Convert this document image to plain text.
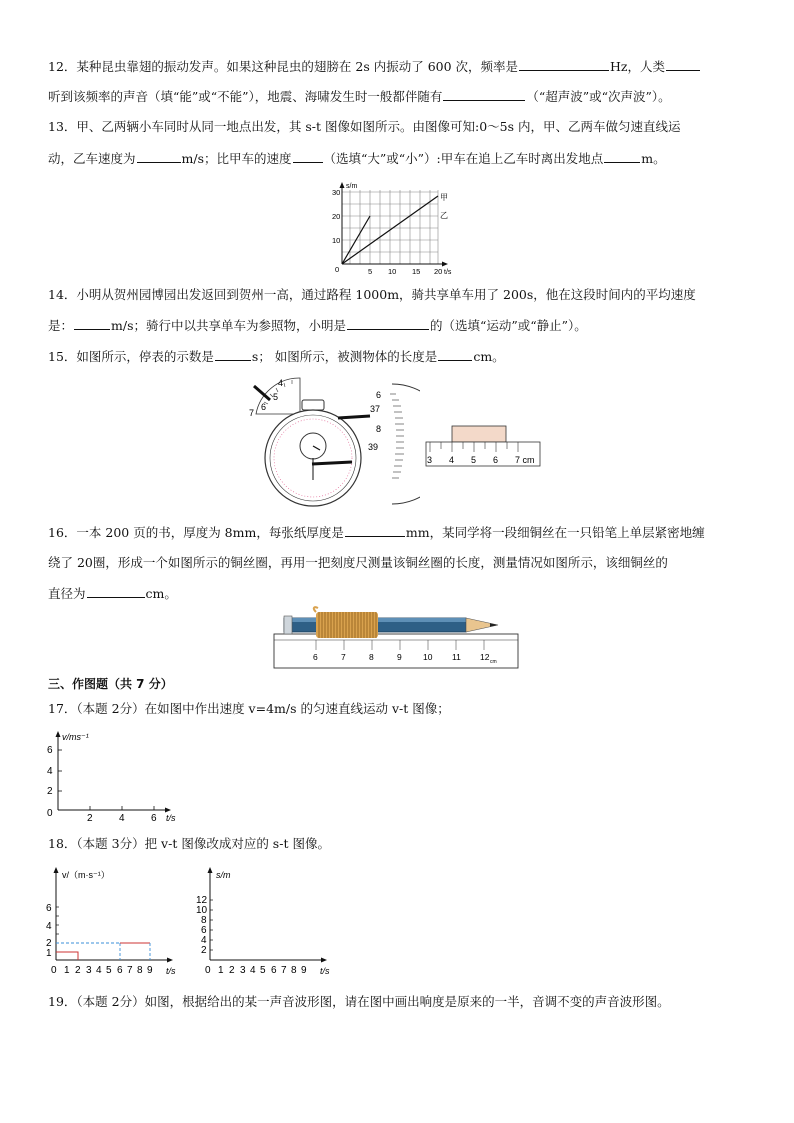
12．某种昆虫靠翅的振动发声。如果这种昆虫的翅膀在 2s 内振动了 600 次，频率是	Hz，人类
听到该频率的声音（填“能”或“不能”），地震、海啸发生时一般都伴随有	（“超声波”或“次声波”）。
13．甲、乙两辆小车同时从同一地点出发，其 s-t 图像如图所示。由图像可知:0～5s 内，甲、乙两车做匀速直线运
动，乙车速度为	m/s；比甲车的速度	（选填“大”或“小”）:甲车在追上乙车时离出发地点	m。
s/m
30
20
10
0	5 10 15 20 t/s
甲
乙
14．小明从贺州园博园出发返回到贺州一高，通过路程 1000m，骑共享单车用了 200s，他在这段时间内的平均速度
是：	m/s；骑行中以共享单车为参照物，小明是	的（选填“运动”或“静止”）。
15．如图所示，停表的示数是	s； 如图所示，被测物体的长度是	cm。
4
5
6
7
6
37
8
39
3 4 5 6 7 cm
16．一本 200 页的书，厚度为 8mm，每张纸厚度是	mm，某同学将一段细铜丝在一只铅笔上单层紧密地缠
绕了 20圈，形成一个如图所示的铜丝圈，再用一把刻度尺测量该铜丝圈的长度，测量情况如图所示，该细铜丝的
直径为	cm。
6	7	8	9	10 11 12 cm
三、作图题（共 7 分）
17．（本题 2分）在如图中作出速度 v=4m/s 的匀速直线运动 v-t 图像；
v/ms⁻¹
6
4
2
0	2	4	6 t/s
18．（本题 3分）把 v-t 图像改成对应的 s-t 图像。
v/（m·s⁻¹）
6
4
2
1
0 1 2 3 4 5 6 7 8 9 t/s
s/m
12
10
8
6
4
2
0 1 2 3 4 5 6 7 8 9 t/s
19．（本题 2分）如图，根据给出的某一声音波形图，请在图中画出响度是原来的一半，音调不变的声音波形图。
